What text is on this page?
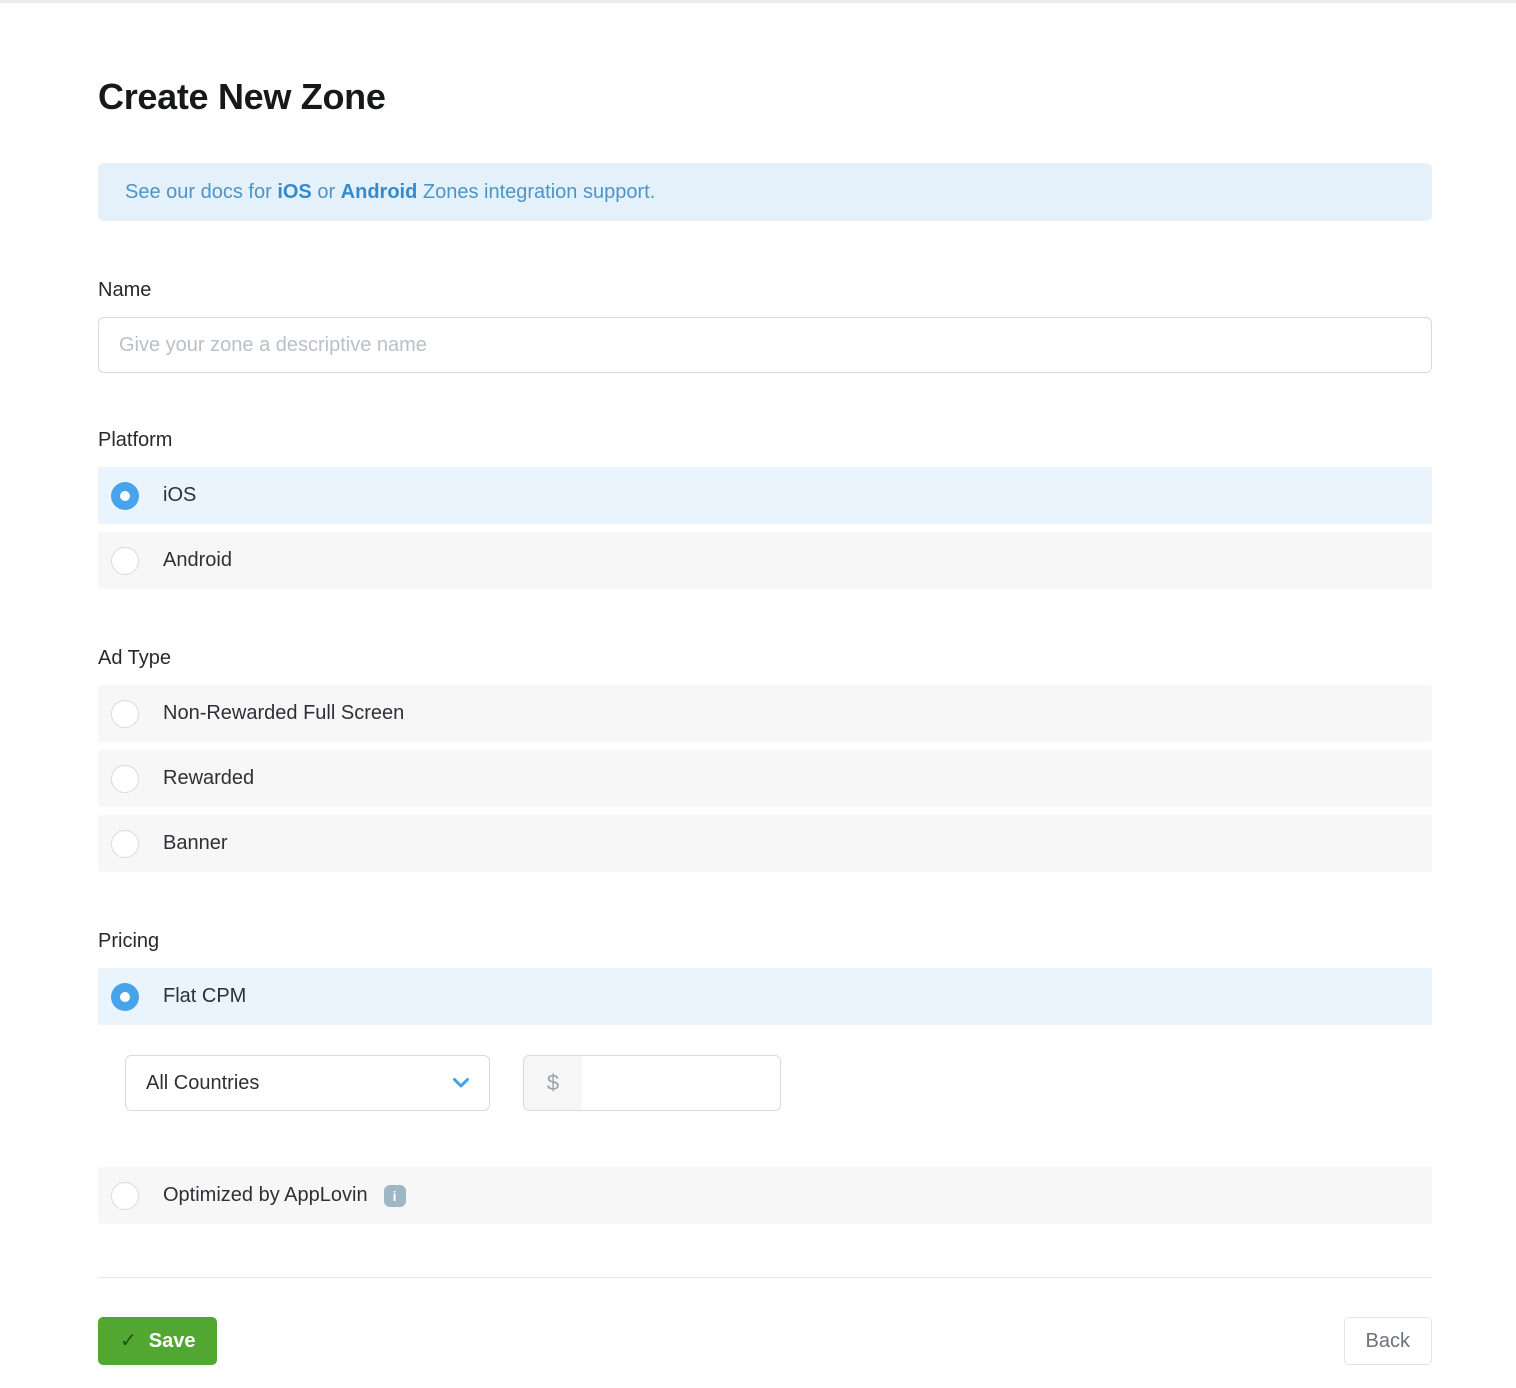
Create New Zone
See our docs for iOS or Android Zones integration support.
Name
Give your zone a descriptive name
Platform
iOS
Android
Ad Type
Non-Rewarded Full Screen
Rewarded
Banner
Pricing
Flat CPM
All Countries	$
Optimized by AppLovin	i
✓ Save	Back
